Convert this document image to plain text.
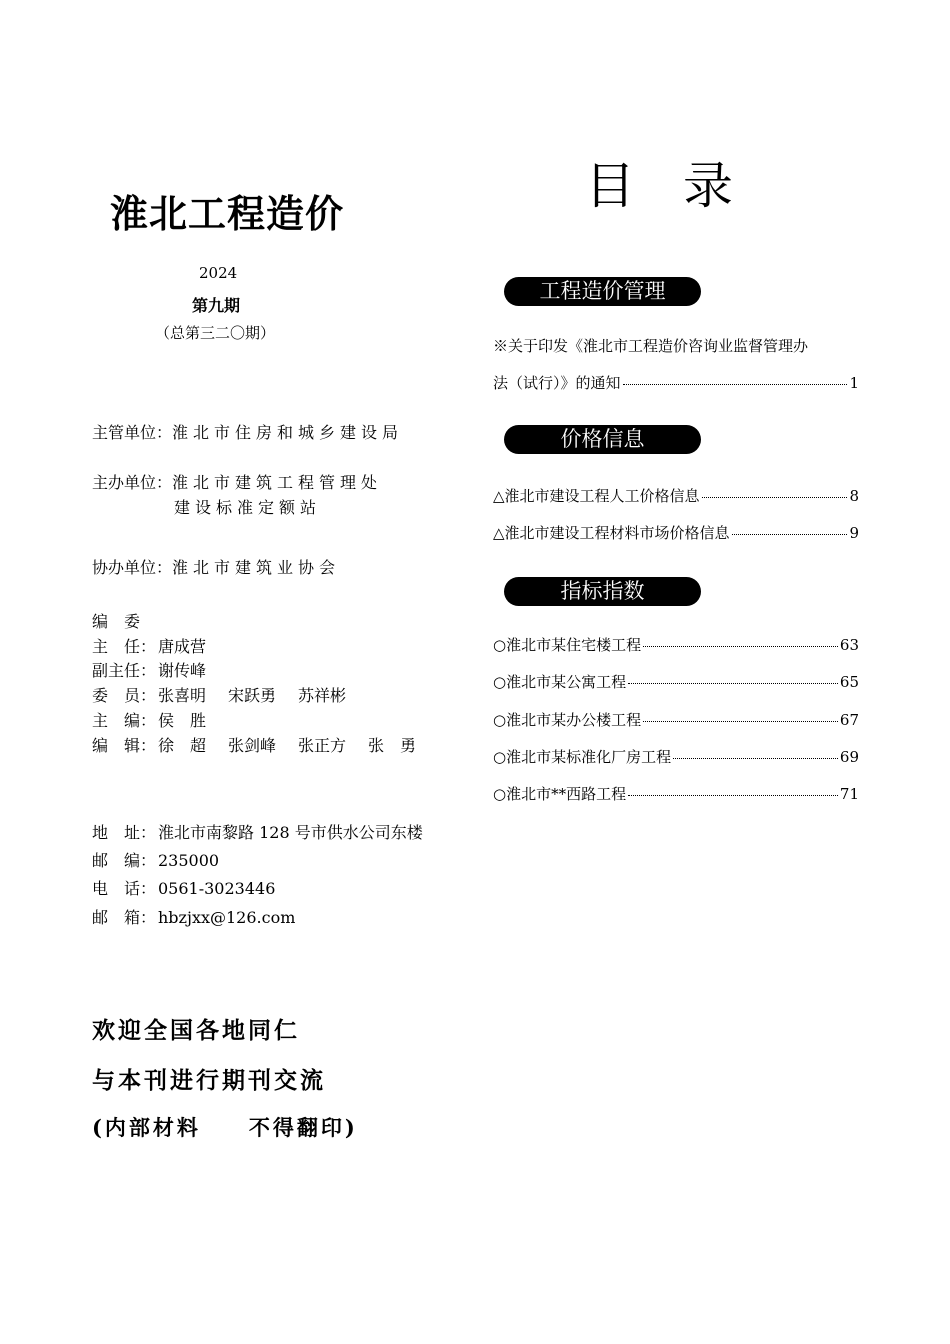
淮北工程造价
2024
第九期
（总第三二〇期）
主管单位：淮北市住房和城乡建设局
主办单位：淮北市建筑工程管理处
建设标准定额站
协办单位：淮北市建筑业协会
编　委
主　任： 唐成营
副主任： 谢传峰
委　员： 张喜明 宋跃勇 苏祥彬
主　编： 侯　胜
编　辑： 徐　超 张剑峰 张正方 张　勇
地　址： 淮北市南黎路 128 号市供水公司东楼
邮　编： 235000
电　话： 0561-3023446
邮　箱： hbzjxx@126.com
欢迎全国各地同仁
与本刊进行期刊交流
(内部材料　　不得翻印)
目 录
工程造价管理
※关于印发《淮北市工程造价咨询业监督管理办
法（试行）》的通知	1
价格信息
△淮北市建设工程人工价格信息	8
△淮北市建设工程材料市场价格信息	9
指标指数
○淮北市某住宅楼工程	63
○淮北市某公寓工程	65
○淮北市某办公楼工程	67
○淮北市某标准化厂房工程	69
○淮北市**西路工程	71
